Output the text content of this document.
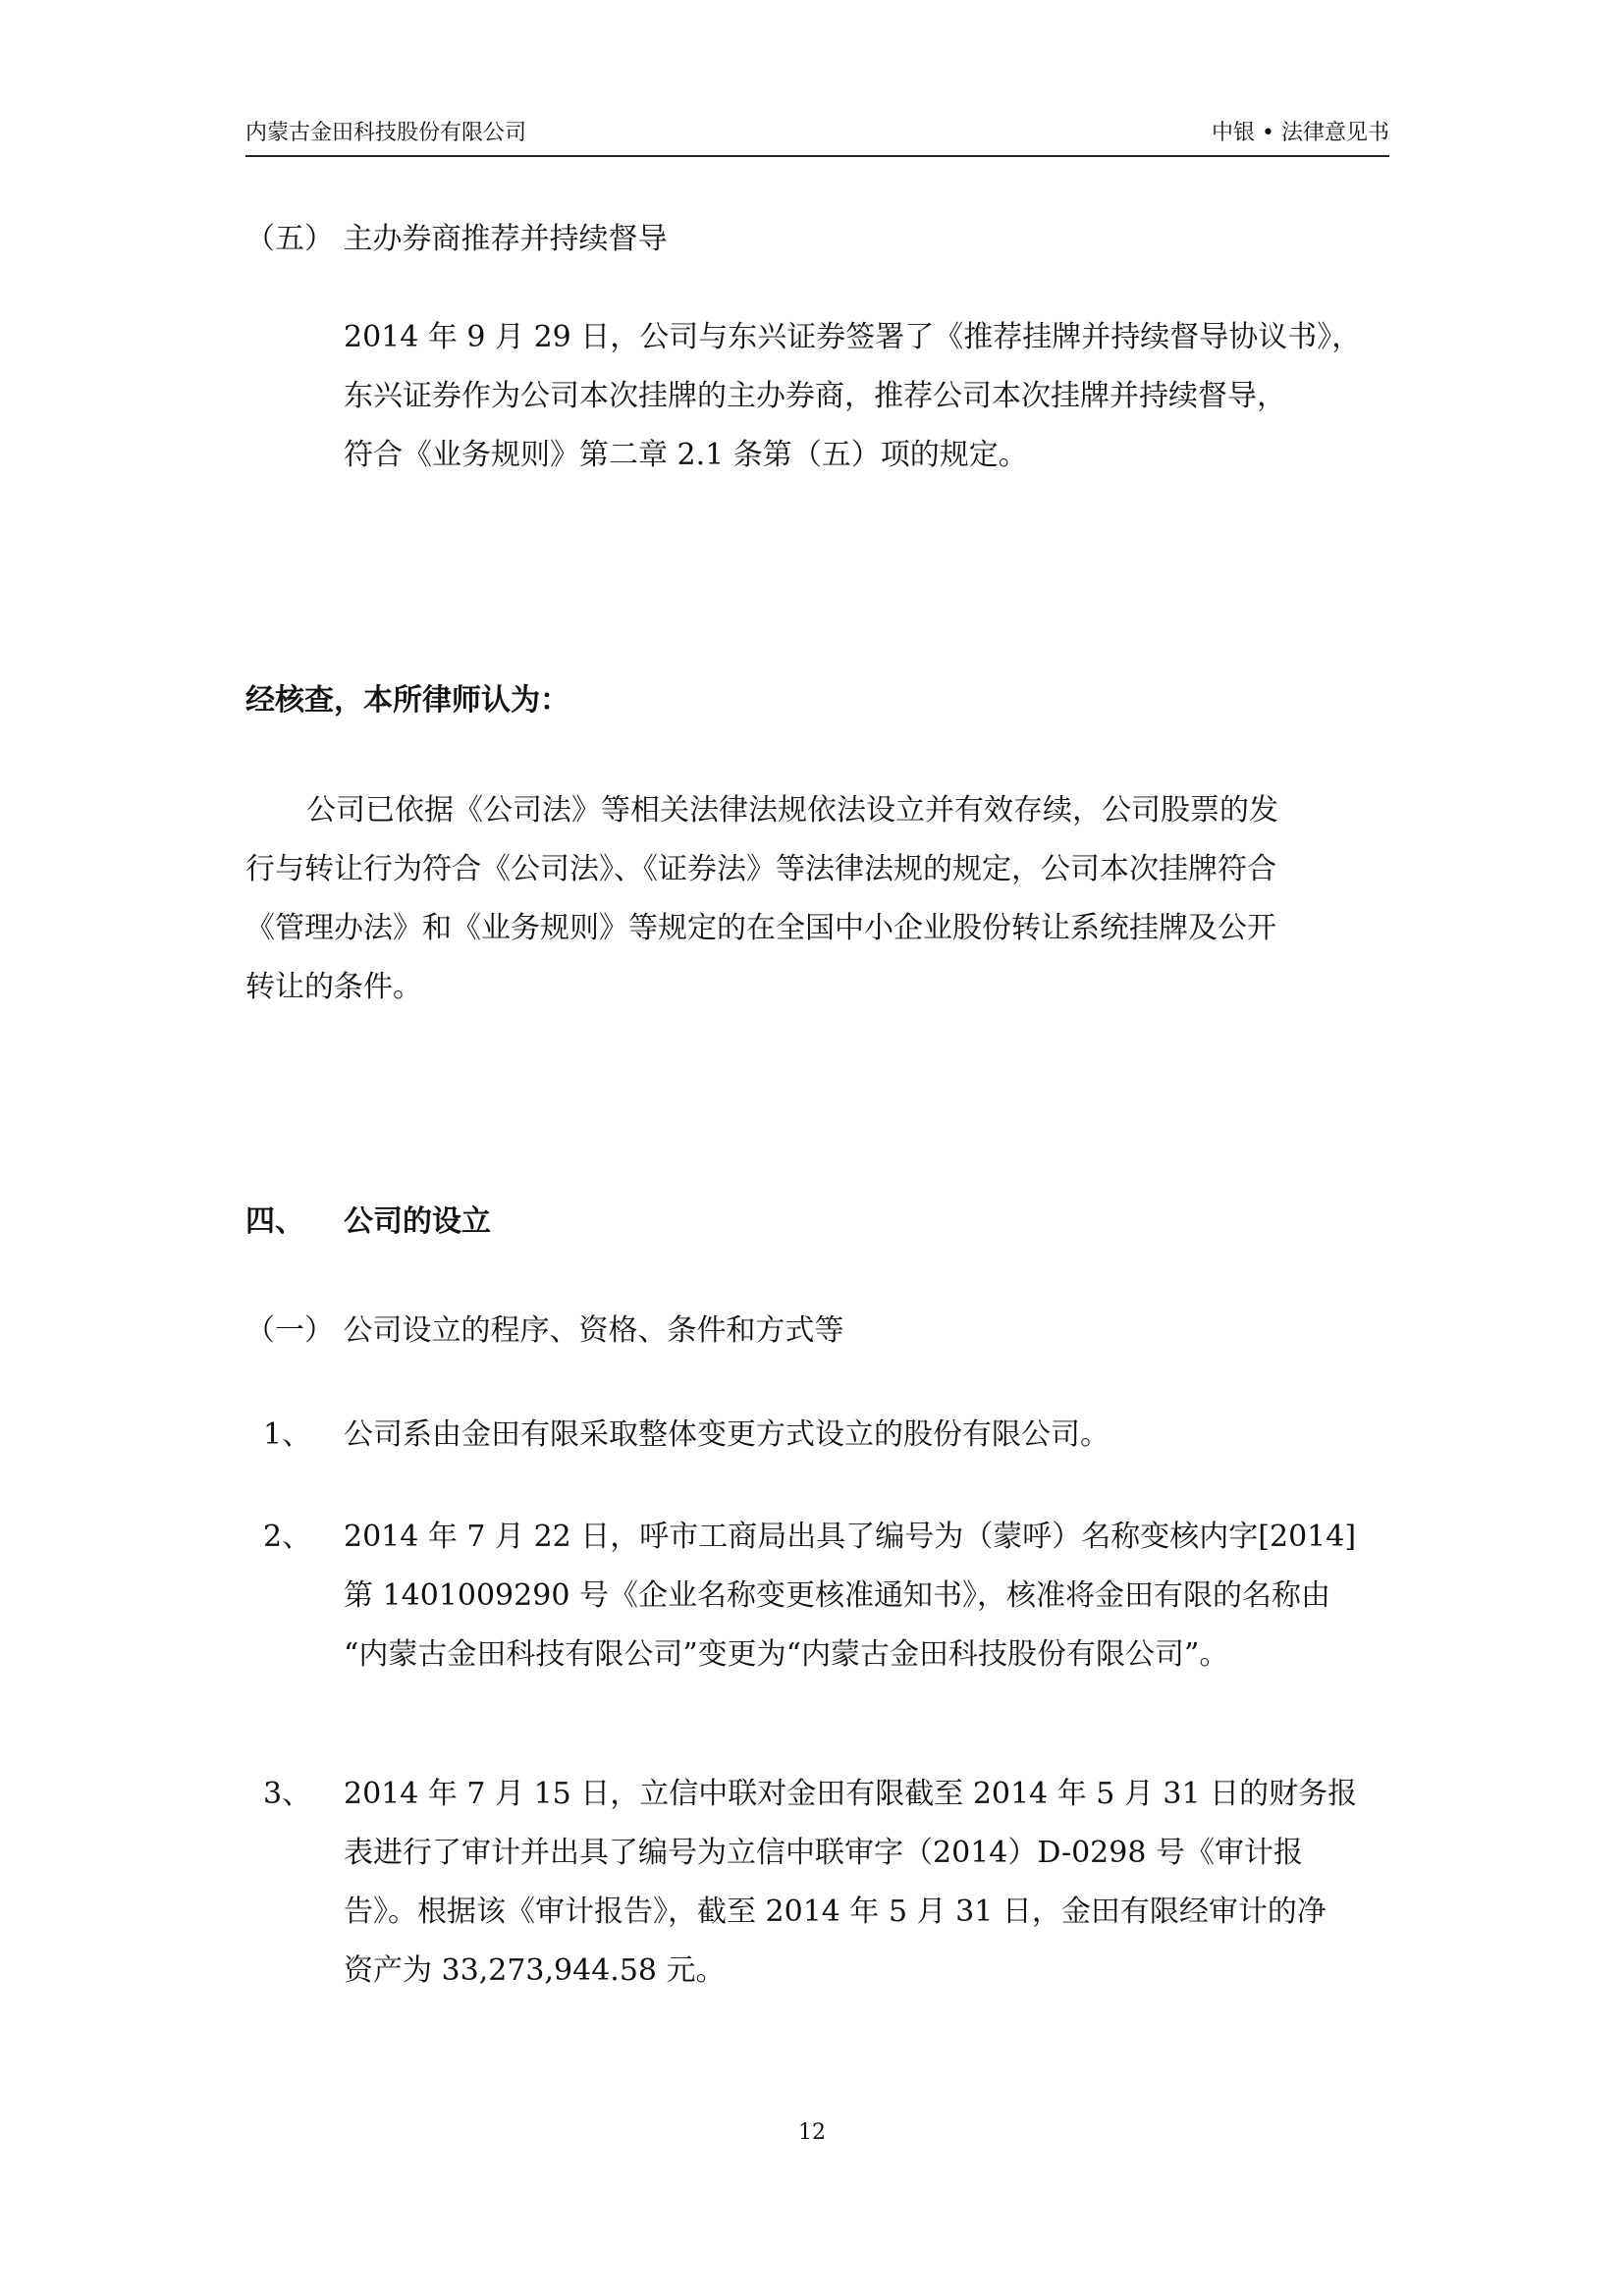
内蒙古金田科技股份有限公司	中银 • 法律意见书
（五） 主办券商推荐并持续督导
2014 年 9 月 29 日，公司与东兴证券签署了《推荐挂牌并持续督导协议书》，
东兴证券作为公司本次挂牌的主办券商，推荐公司本次挂牌并持续督导，
符合《业务规则》第二章 2.1 条第（五）项的规定。
经核查，本所律师认为：
公司已依据《公司法》等相关法律法规依法设立并有效存续，公司股票的发
行与转让行为符合《公司法》、《证券法》等法律法规的规定，公司本次挂牌符合
《管理办法》和《业务规则》等规定的在全国中小企业股份转让系统挂牌及公开
转让的条件。
四、 公司的设立
（一） 公司设立的程序、资格、条件和方式等
1、 公司系由金田有限采取整体变更方式设立的股份有限公司。
2、 2014 年 7 月 22 日，呼市工商局出具了编号为（蒙呼）名称变核内字[2014]
第 1401009290 号《企业名称变更核准通知书》，核准将金田有限的名称由
“内蒙古金田科技有限公司”变更为“内蒙古金田科技股份有限公司”。
3、 2014 年 7 月 15 日，立信中联对金田有限截至 2014 年 5 月 31 日的财务报
表进行了审计并出具了编号为立信中联审字（2014）D-0298 号《审计报
告》。根据该《审计报告》，截至 2014 年 5 月 31 日，金田有限经审计的净
资产为 33,273,944.58 元。
12
